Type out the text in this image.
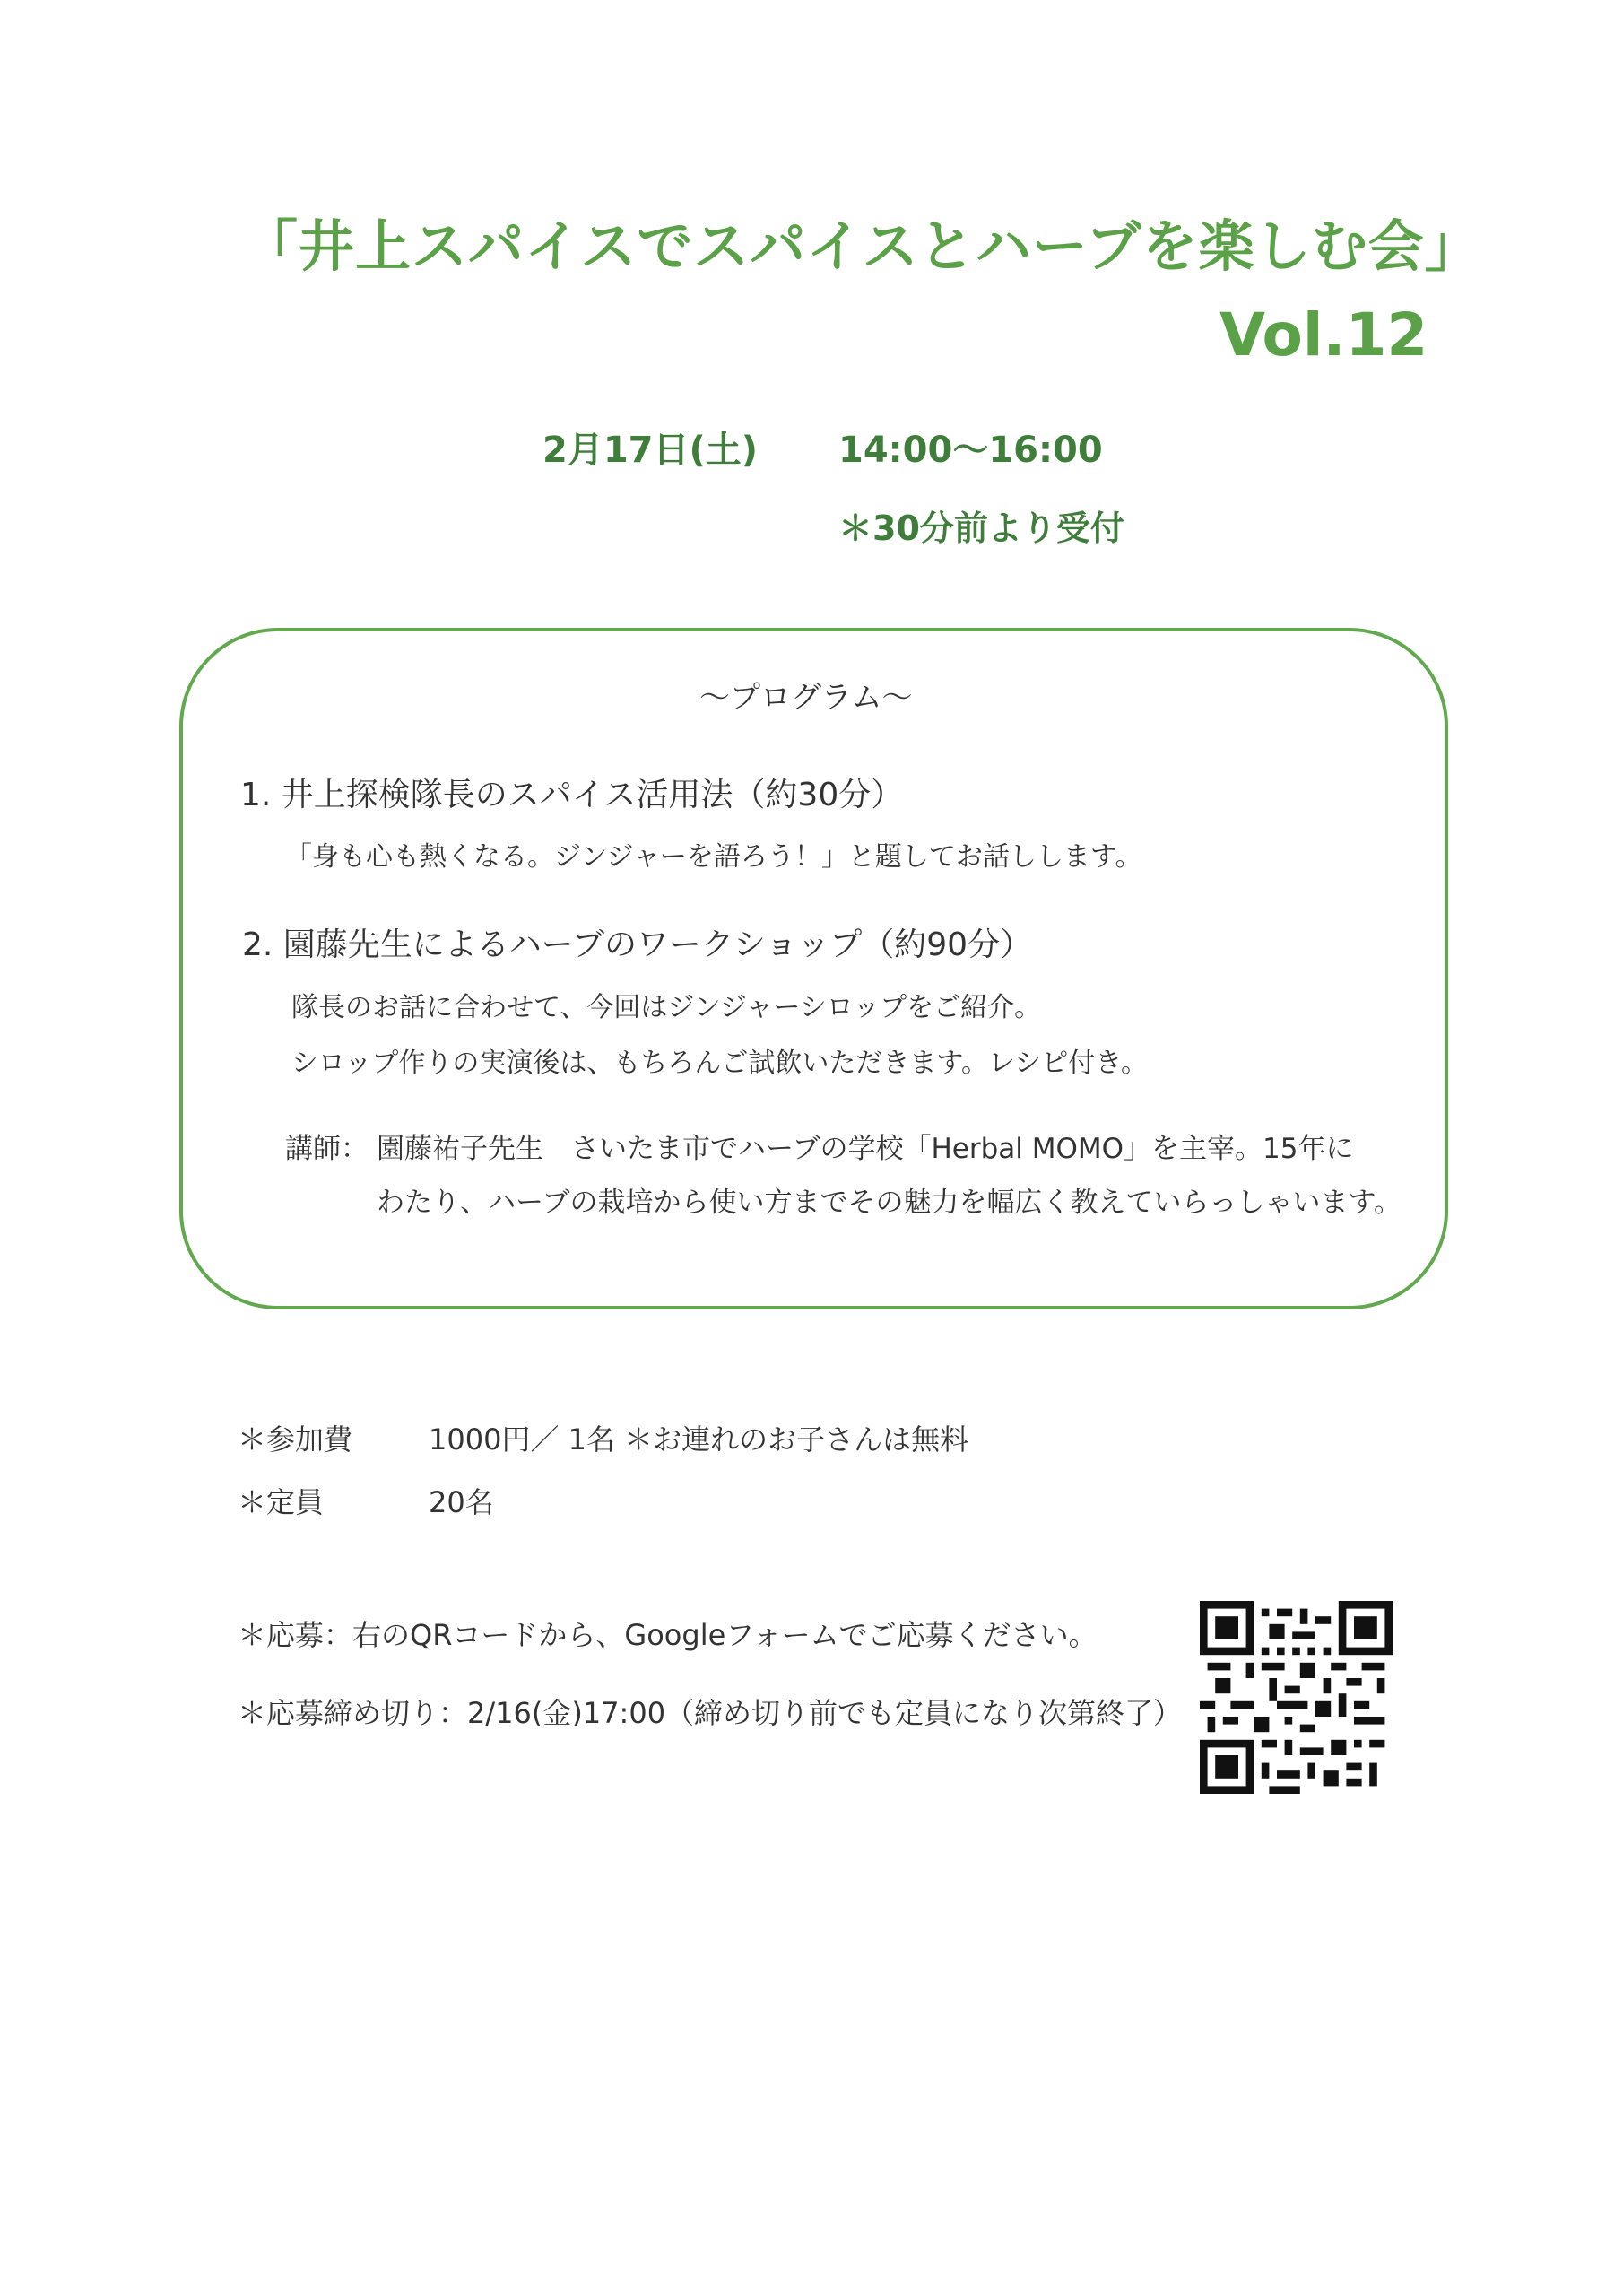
「井上スパイスでスパイスとハーブを楽しむ会」
Vol.12
2月17日(土) 14:00～16:00
＊30分前より受付
～プログラム～
1. 井上探検隊長のスパイス活用法（約30分）
「身も心も熱くなる。ジンジャーを語ろう！」と題してお話しします。
2. 園藤先生によるハーブのワークショップ（約90分）
隊長のお話に合わせて、今回はジンジャーシロップをご紹介。
シロップ作りの実演後は、もちろんご試飲いただきます。レシピ付き。
講師： 園藤祐子先生　さいたま市でハーブの学校「Herbal MOMO」を主宰。15年に
わたり、ハーブの栽培から使い方までその魅力を幅広く教えていらっしゃいます。
＊参加費	1000円／ 1名 ＊お連れのお子さんは無料
＊定員	20名
＊応募：右のQRコードから、Googleフォームでご応募ください。
＊応募締め切り：2/16(金)17:00（締め切り前でも定員になり次第終了）
